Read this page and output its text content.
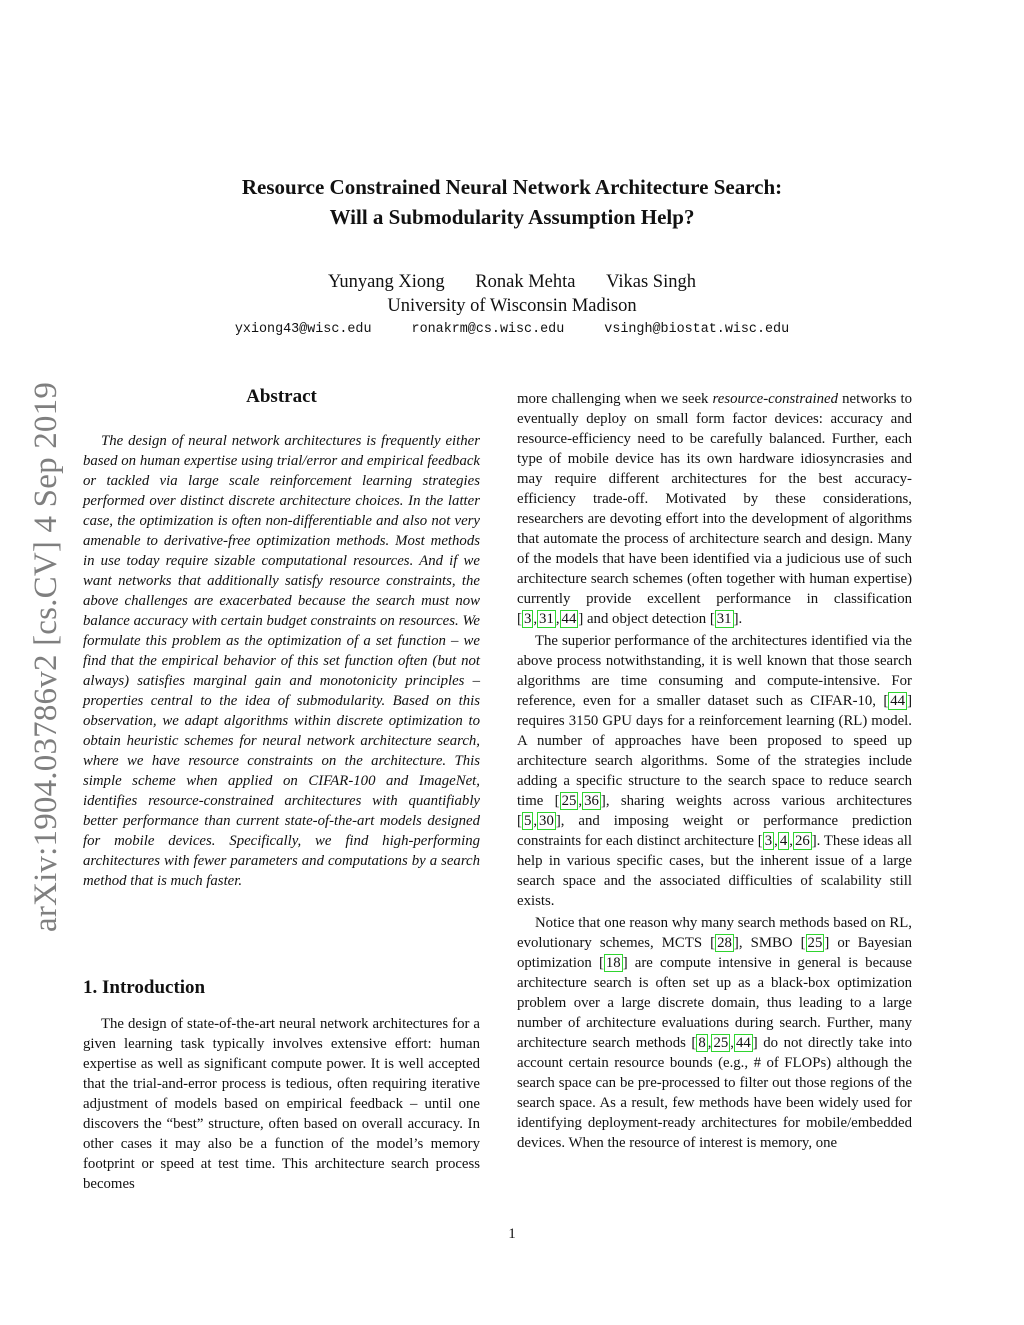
Resource Constrained Neural Network Architecture Search:
Will a Submodularity Assumption Help?
Yunyang Xiong Ronak Mehta Vikas Singh
University of Wisconsin Madison
yxiong43@wisc.edu	ronakrm@cs.wisc.edu	vsingh@biostat.wisc.edu
arXiv:1904.03786v2 [cs.CV] 4 Sep 2019	Abstract

The design of neural network architectures is frequently either based on human expertise using trial/error and empirical feedback or tackled via large scale reinforcement learning strategies performed over distinct discrete architecture choices. In the latter case, the optimization is often non-differentiable and also not very amenable to derivative-free optimization methods. Most methods in use today require sizable computational resources. And if we want networks that additionally satisfy resource constraints, the above challenges are exacerbated because the search must now balance accuracy with certain budget constraints on resources. We formulate this problem as the optimization of a set function – we find that the empirical behavior of this set function often (but not always) satisfies marginal gain and monotonicity principles – properties central to the idea of submodularity. Based on this observation, we adapt algorithms within discrete optimization to obtain heuristic schemes for neural network architecture search, where we have resource constraints on the architecture. This simple scheme when applied on CIFAR-100 and ImageNet, identifies resource-constrained architectures with quantifiably better performance than current state-of-the-art models designed for mobile devices. Specifically, we find high-performing architectures with fewer parameters and computations by a search method that is much faster.

1. Introduction

The design of state-of-the-art neural network architectures for a given learning task typically involves extensive effort: human expertise as well as significant compute power. It is well accepted that the trial-and-error process is tedious, often requiring iterative adjustment of models based on empirical feedback – until one discovers the “best” structure, often based on overall accuracy. In other cases it may also be a function of the model’s memory footprint or speed at test time. This architecture search process becomes

more challenging when we seek resource-constrained networks to eventually deploy on small form factor devices: accuracy and resource-efficiency need to be carefully balanced. Further, each type of mobile device has its own hardware idiosyncrasies and may require different architectures for the best accuracy-efficiency trade-off. Motivated by these considerations, researchers are devoting effort into the development of algorithms that automate the process of architecture search and design. Many of the models that have been identified via a judicious use of such architecture search schemes (often together with human expertise) currently provide excellent performance in classification [ 3 , 31 , 44 ] and object detection [ 31 ].

The superior performance of the architectures identified via the above process notwithstanding, it is well known that those search algorithms are time consuming and compute-intensive. For reference, even for a smaller dataset such as CIFAR-10, [ 44 ] requires 3150 GPU days for a reinforcement learning (RL) model. A number of approaches have been proposed to speed up architecture search algorithms. Some of the strategies include adding a specific structure to the search space to reduce search time [ 25 , 36 ], sharing weights across various architectures [ 5 , 30 ], and imposing weight or performance prediction constraints for each distinct architecture [ 3 , 4 , 26 ]. These ideas all help in various specific cases, but the inherent issue of a large search space and the associated difficulties of scalability still exists.

Notice that one reason why many search methods based on RL, evolutionary schemes, MCTS [ 28 ], SMBO [ 25 ] or Bayesian optimization [ 18 ] are compute intensive in general is because architecture search is often set up as a black-box optimization problem over a large discrete domain, thus leading to a large number of architecture evaluations during search. Further, many architecture search methods [ 8 , 25 , 44 ] do not directly take into account certain resource bounds (e.g., # of FLOPs) although the search space can be pre-processed to filter out those regions of the search space. As a result, few methods have been widely used for identifying deployment-ready architectures for mobile/embedded devices. When the resource of interest is memory, one

1
